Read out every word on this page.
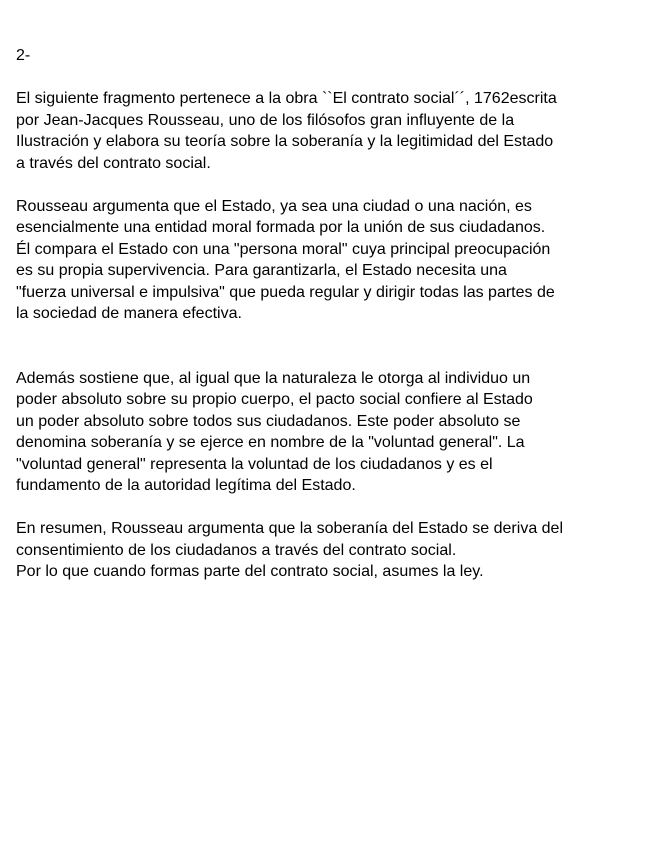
2-
El siguiente fragmento pertenece a la obra ``El contrato social´´, 1762escrita
por Jean-Jacques Rousseau, uno de los filósofos gran influyente de la
Ilustración y elabora su teoría sobre la soberanía y la legitimidad del Estado
a través del contrato social.
Rousseau argumenta que el Estado, ya sea una ciudad o una nación, es
esencialmente una entidad moral formada por la unión de sus ciudadanos.
Él compara el Estado con una "persona moral" cuya principal preocupación
es su propia supervivencia. Para garantizarla, el Estado necesita una
"fuerza universal e impulsiva" que pueda regular y dirigir todas las partes de
la sociedad de manera efectiva.
Además sostiene que, al igual que la naturaleza le otorga al individuo un
poder absoluto sobre su propio cuerpo, el pacto social confiere al Estado
un poder absoluto sobre todos sus ciudadanos. Este poder absoluto se
denomina soberanía y se ejerce en nombre de la "voluntad general". La
"voluntad general" representa la voluntad de los ciudadanos y es el
fundamento de la autoridad legítima del Estado.
En resumen, Rousseau argumenta que la soberanía del Estado se deriva del
consentimiento de los ciudadanos a través del contrato social.
Por lo que cuando formas parte del contrato social, asumes la ley.
